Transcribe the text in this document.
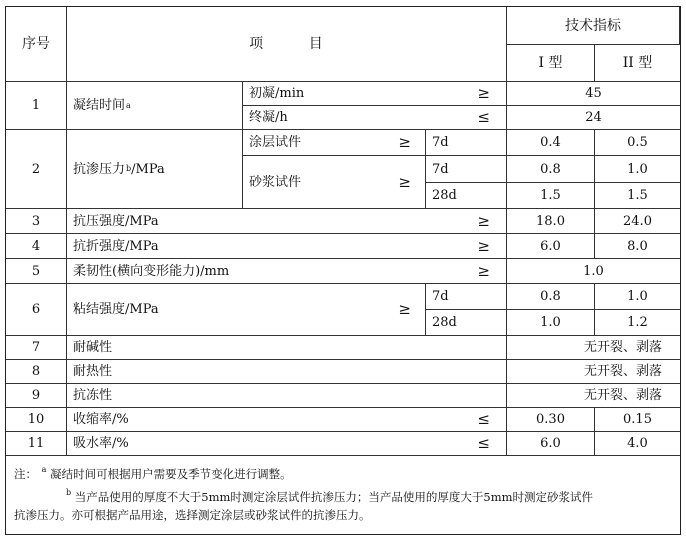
序号	项        目
技术指标
I 型	II 型
1	凝结时间 a
初凝/min	≥	45
终凝/h	≤	24
2	抗渗压力 b /MPa
涂层试件	≥	7d	0.4	0.5
砂浆试件	≥
7d	0.8	1.0
28d	1.5	1.5
3	抗压强度/MPa	≥	18.0	24.0
4	抗折强度/MPa	≥	6.0	8.0
5	柔韧性(横向变形能力)/mm	≥	1.0
6	粘结强度/MPa	≥
7d	0.8	1.0
28d	1.0	1.2
7	耐碱性	无开裂、剥落
8	耐热性	无开裂、剥落
9	抗冻性	无开裂、剥落
10	收缩率/%	≤	0.30	0.15
11	吸水率/%	≤	6.0	4.0
注： $^a$ 凝结时间可根据用户需要及季节变化进行调整。
$^b$ 当产品使用的厚度不大于5mm时测定涂层试件抗渗压力；当产品使用的厚度大于5mm时测定砂浆试件
抗渗压力。亦可根据产品用途，选择测定涂层或砂浆试件的抗渗压力。
